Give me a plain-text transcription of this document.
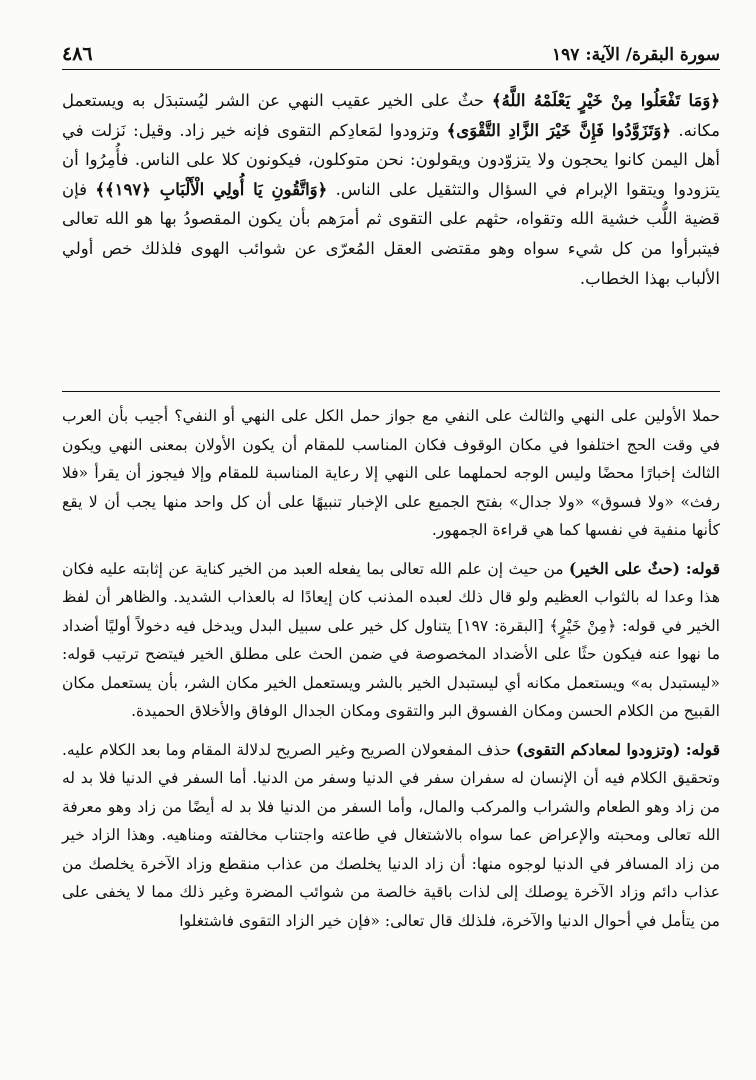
سورة البقرة/ الآية: ١٩٧
٤٨٦

﴿وَمَا تَفْعَلُوا مِنْ خَيْرٍ يَعْلَمْهُ اللَّهُ﴾ حثٌ على الخير عقيب النهي عن الشر ليُستبدَل به ويستعمل مكانه. ﴿وَتَزَوَّدُوا فَإِنَّ خَيْرَ الزَّادِ التَّقْوَى﴾ وتزودوا لمَعادِكم التقوى فإنه خير زاد. وقيل: نَزلت في أهل اليمن كانوا يحجون ولا يتزوّدون ويقولون: نحن متوكلون، فيكونون كلا على الناس. فأُمِرُوا أن يتزودوا ويتقوا الإبرام في السؤال والتثقيل على الناس. ﴿وَاتَّقُونِ يَا أُولِي الْأَلْبَابِ ﴿١٩٧﴾﴾ فإن قضية اللُّب خشية الله وتقواه، حثهم على التقوى ثم أمرَهم بأن يكون المقصودُ بها هو الله تعالى فيتبرأوا من كل شيء سواه وهو مقتضى العقل المُعرّى عن شوائب الهوى فلذلك خص أولي الألباب بهذا الخطاب.

حملا الأولين على النهي والثالث على النفي مع جواز حمل الكل على النهي أو النفي؟ أجيب بأن العرب في وقت الحج اختلفوا في مكان الوقوف فكان المناسب للمقام أن يكون الأولان بمعنى النهي ويكون الثالث إخبارًا محضًا وليس الوجه لحملهما على النهي إلا رعاية المناسبة للمقام وإلا فيجوز أن يقرأ «فلا رفث» «ولا فسوق» «ولا جدال» بفتح الجميع على الإخبار تنبيهًا على أن كل واحد منها يجب أن لا يقع كأنها منفية في نفسها كما هي قراءة الجمهور.

قوله: (حثٌ على الخير) من حيث إن علم الله تعالى بما يفعله العبد من الخير كناية عن إثابته عليه فكان هذا وعدا له بالثواب العظيم ولو قال ذلك لعبده المذنب كان إيعادًا له بالعذاب الشديد. والظاهر أن لفظ الخير في قوله: ﴿مِنْ خَيْرٍ﴾ [البقرة: ١٩٧] يتناول كل خير على سبيل البدل ويدخل فيه دخولاً أوليًا أضداد ما نهوا عنه فيكون حثًا على الأضداد المخصوصة في ضمن الحث على مطلق الخير فيتضح ترتيب قوله: «ليستبدل به» ويستعمل مكانه أي ليستبدل الخير بالشر ويستعمل الخير مكان الشر، بأن يستعمل مكان القبيح من الكلام الحسن ومكان الفسوق البر والتقوى ومكان الجدال الوفاق والأخلاق الحميدة.

قوله: (وتزودوا لمعادكم التقوى) حذف المفعولان الصريح وغير الصريح لدلالة المقام وما بعد الكلام عليه. وتحقيق الكلام فيه أن الإنسان له سفران سفر في الدنيا وسفر من الدنيا. أما السفر في الدنيا فلا بد له من زاد وهو الطعام والشراب والمركب والمال، وأما السفر من الدنيا فلا بد له أيضًا من زاد وهو معرفة الله تعالى ومحبته والإعراض عما سواه بالاشتغال في طاعته واجتناب مخالفته ومناهيه. وهذا الزاد خير من زاد المسافر في الدنيا لوجوه منها: أن زاد الدنيا يخلصك من عذاب منقطع وزاد الآخرة يخلصك من عذاب دائم وزاد الآخرة يوصلك إلى لذات باقية خالصة من شوائب المضرة وغير ذلك مما لا يخفى على من يتأمل في أحوال الدنيا والآخرة، فلذلك قال تعالى: «فإن خير الزاد التقوى فاشتغلوا
